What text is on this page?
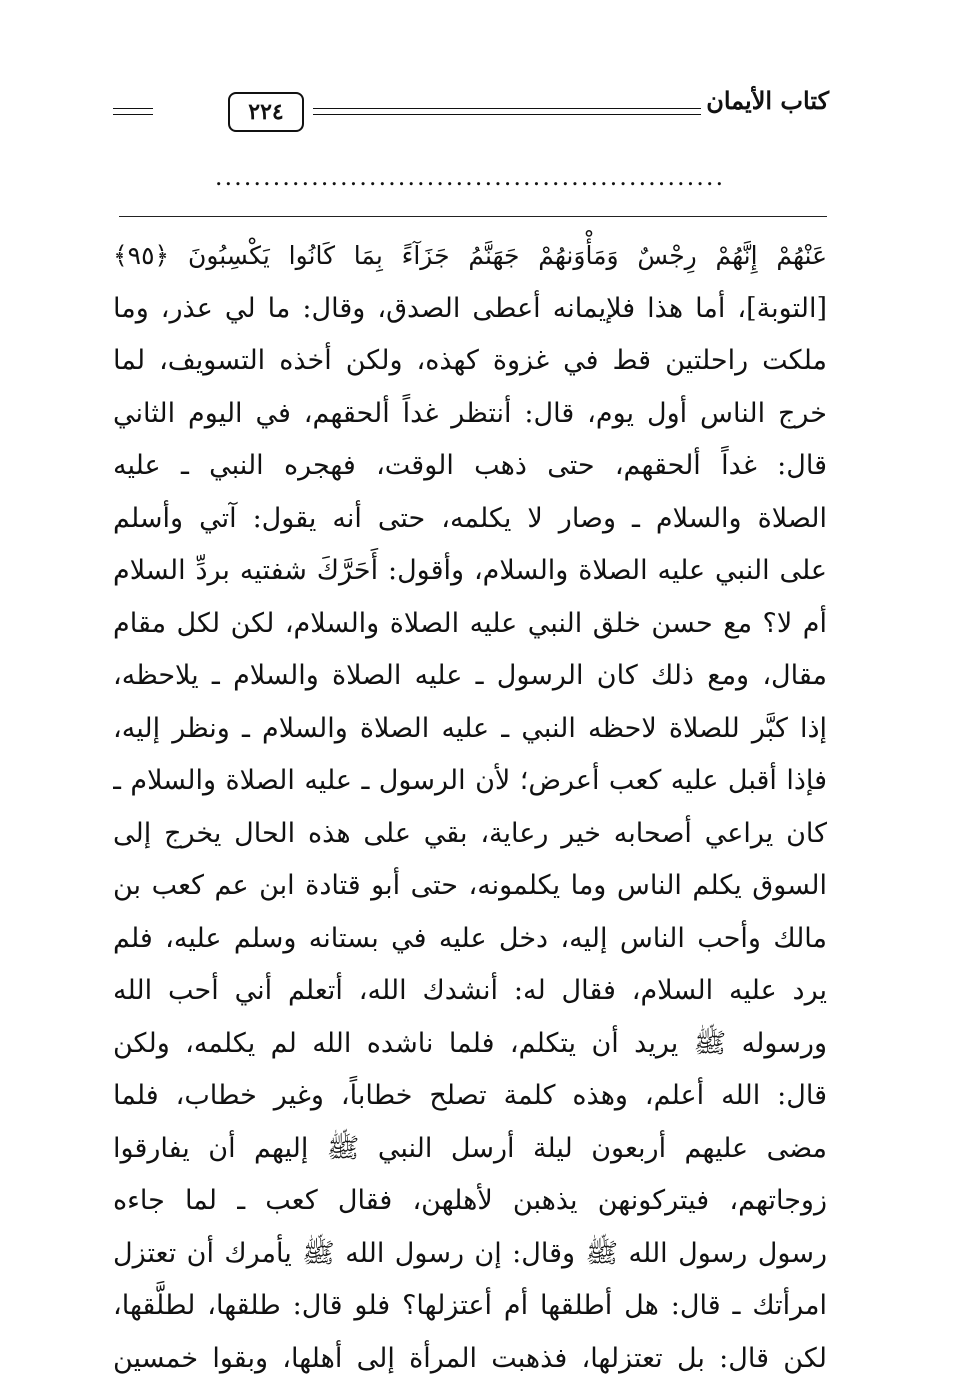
كتاب الأيمان
٢٢٤
.....................................................
عَنْهُمْ إِنَّهُمْ رِجْسٌ وَمَأْوَنهُمْ جَهَنَّمُ جَزَآءً بِمَا كَانُوا يَكْسِبُونَ ﴿٩٥﴾
[التوبة]، أما هذا فلإيمانه أعطى الصدق، وقال: ما لي عذر، وما
ملكت راحلتين قط في غزوة كهذه، ولكن أخذه التسويف، لما
خرج الناس أول يوم، قال: أنتظر غداً ألحقهم، في اليوم الثاني
قال: غداً ألحقهم، حتى ذهب الوقت، فهجره النبي ـ عليه
الصلاة والسلام ـ وصار لا يكلمه، حتى أنه يقول: آتي وأسلم
على النبي عليه الصلاة والسلام، وأقول: أَحَرَّكَ شفتيه بردِّ السلام
أم لا؟ مع حسن خلق النبي عليه الصلاة والسلام، لكن لكل مقام
مقال، ومع ذلك كان الرسول ـ عليه الصلاة والسلام ـ يلاحظه،
إذا كبَّر للصلاة لاحظه النبي ـ عليه الصلاة والسلام ـ ونظر إليه،
فإذا أقبل عليه كعب أعرض؛ لأن الرسول ـ عليه الصلاة والسلام ـ
كان يراعي أصحابه خير رعاية، بقي على هذه الحال يخرج إلى
السوق يكلم الناس وما يكلمونه، حتى أبو قتادة ابن عم كعب بن
مالك وأحب الناس إليه، دخل عليه في بستانه وسلم عليه، فلم
يرد عليه السلام، فقال له: أنشدك الله، أتعلم أني أحب الله
ورسوله ﷺ يريد أن يتكلم، فلما ناشده الله لم يكلمه، ولكن
قال: الله أعلم، وهذه كلمة تصلح خطاباً، وغير خطاب، فلما
مضى عليهم أربعون ليلة أرسل النبي ﷺ إليهم أن يفارقوا
زوجاتهم، فيتركونهن يذهبن لأهلهن، فقال كعب ـ لما جاءه
رسول رسول الله ﷺ وقال: إن رسول الله ﷺ يأمرك أن تعتزل
امرأتك ـ قال: هل أطلقها أم أعتزلها؟ فلو قال: طلقها، لطلَّقها،
لكن قال: بل تعتزلها، فذهبت المرأة إلى أهلها، وبقوا خمسين
